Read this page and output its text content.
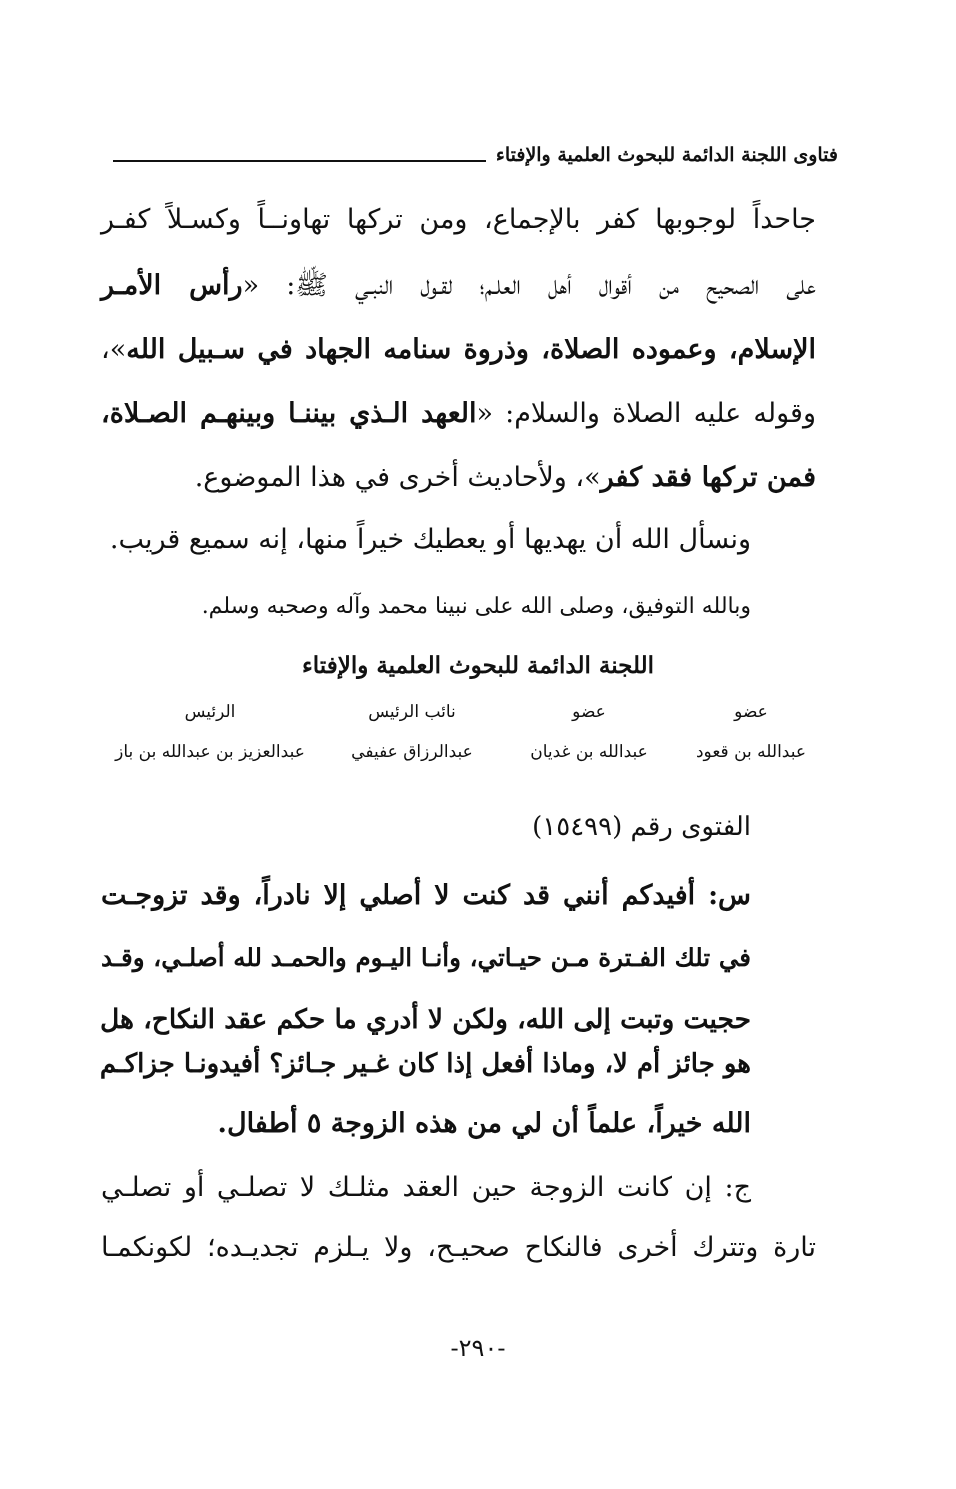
فتاوى اللجنة الدائمة للبحوث العلمية والإفتاء
جاحداً لوجوبها كفر بالإجماع، ومن تركها تهاونــاً وكسـلاً كفـر
على الصحيح من أقوال أهل العلـم؛ لقـول النبـي ﷺ: «رأس الأمـر
الإسلام، وعموده الصلاة، وذروة سنامه الجهاد في سـبيل الله»،
وقوله عليه الصلاة والسلام: «العهد الـذي بيننـا وبينهـم الصـلاة،
فمن تركها فقد كفر»، ولأحاديث أخرى في هذا الموضوع.
ونسأل الله أن يهديها أو يعطيك خيراً منها، إنه سميع قريب.
وبالله التوفيق، وصلى الله على نبينا محمد وآله وصحبه وسلم.
اللجنة الدائمة للبحوث العلمية والإفتاء
عضو
عضو
نائب الرئيس
الرئيس
عبدالله بن قعود
عبدالله بن غديان
عبدالرزاق عفيفي
عبدالعزيز بن عبدالله بن باز
الفتوى رقم (١٥٤٩٩)
س: أفيدكم أنني قد كنت لا أصلي إلا نادراً، وقد تزوجـت
في تلك الفـترة مـن حيـاتي، وأنـا اليـوم والحمـد لله أصلـي، وقـد
حجيت وتبت إلى الله، ولكن لا أدري ما حكم عقد النكاح، هل
هو جائز أم لا، وماذا أفعل إذا كان غـير جـائز؟ أفيدونـا جزاكـم
الله خيراً، علماً أن لي من هذه الزوجة ٥ أطفال.
ج: إن كانت الزوجة حين العقد مثلـك لا تصلـي أو تصلـي
تارة وتترك أخرى فالنكاح صحيـح، ولا يـلزم تجديـده؛ لكونكمـا
-٢٩٠-
